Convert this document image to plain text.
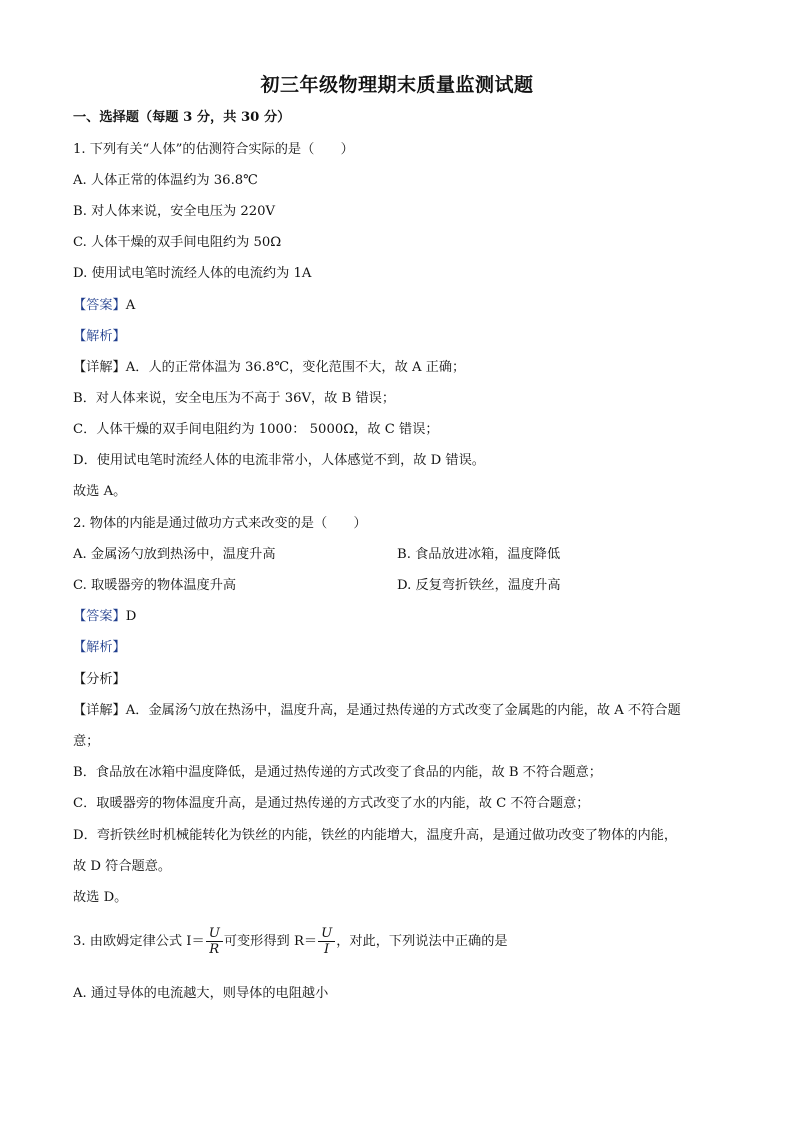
初三年级物理期末质量监测试题
一、选择题（每题 3 分，共 30 分）
1. 下列有关“人体”的估测符合实际的是（　　）
A. 人体正常的体温约为 36.8℃
B. 对人体来说，安全电压为 220V
C. 人体干燥的双手间电阻约为 50Ω
D. 使用试电笔时流经人体的电流约为 1A
【答案】A
【解析】
【详解】A．人的正常体温为 36.8℃，变化范围不大，故 A 正确；
B．对人体来说，安全电压为不高于 36V，故 B 错误；
C．人体干燥的双手间电阻约为 1000： 5000Ω，故 C 错误；
D．使用试电笔时流经人体的电流非常小，人体感觉不到，故 D 错误。
故选 A。
2. 物体的内能是通过做功方式来改变的是（　　）
A. 金属汤勺放到热汤中，温度升高	B. 食品放进冰箱，温度降低
C. 取暖器旁的物体温度升高	D. 反复弯折铁丝，温度升高
【答案】D
【解析】
【分析】
【详解】A．金属汤勺放在热汤中，温度升高，是通过热传递的方式改变了金属匙的内能，故 A 不符合题
意；
B．食品放在冰箱中温度降低，是通过热传递的方式改变了食品的内能，故 B 不符合题意；
C．取暖器旁的物体温度升高，是通过热传递的方式改变了水的内能，故 C 不符合题意；
D．弯折铁丝时机械能转化为铁丝的内能，铁丝的内能增大，温度升高，是通过做功改变了物体的内能，
故 D 符合题意。
故选 D。
3. 由欧姆定律公式 $I= \frac{U}{R}$ 可变形得到 $R= \frac{U}{I}$ ，对此，下列说法中正确的是
A. 通过导体的电流越大，则导体的电阻越小
